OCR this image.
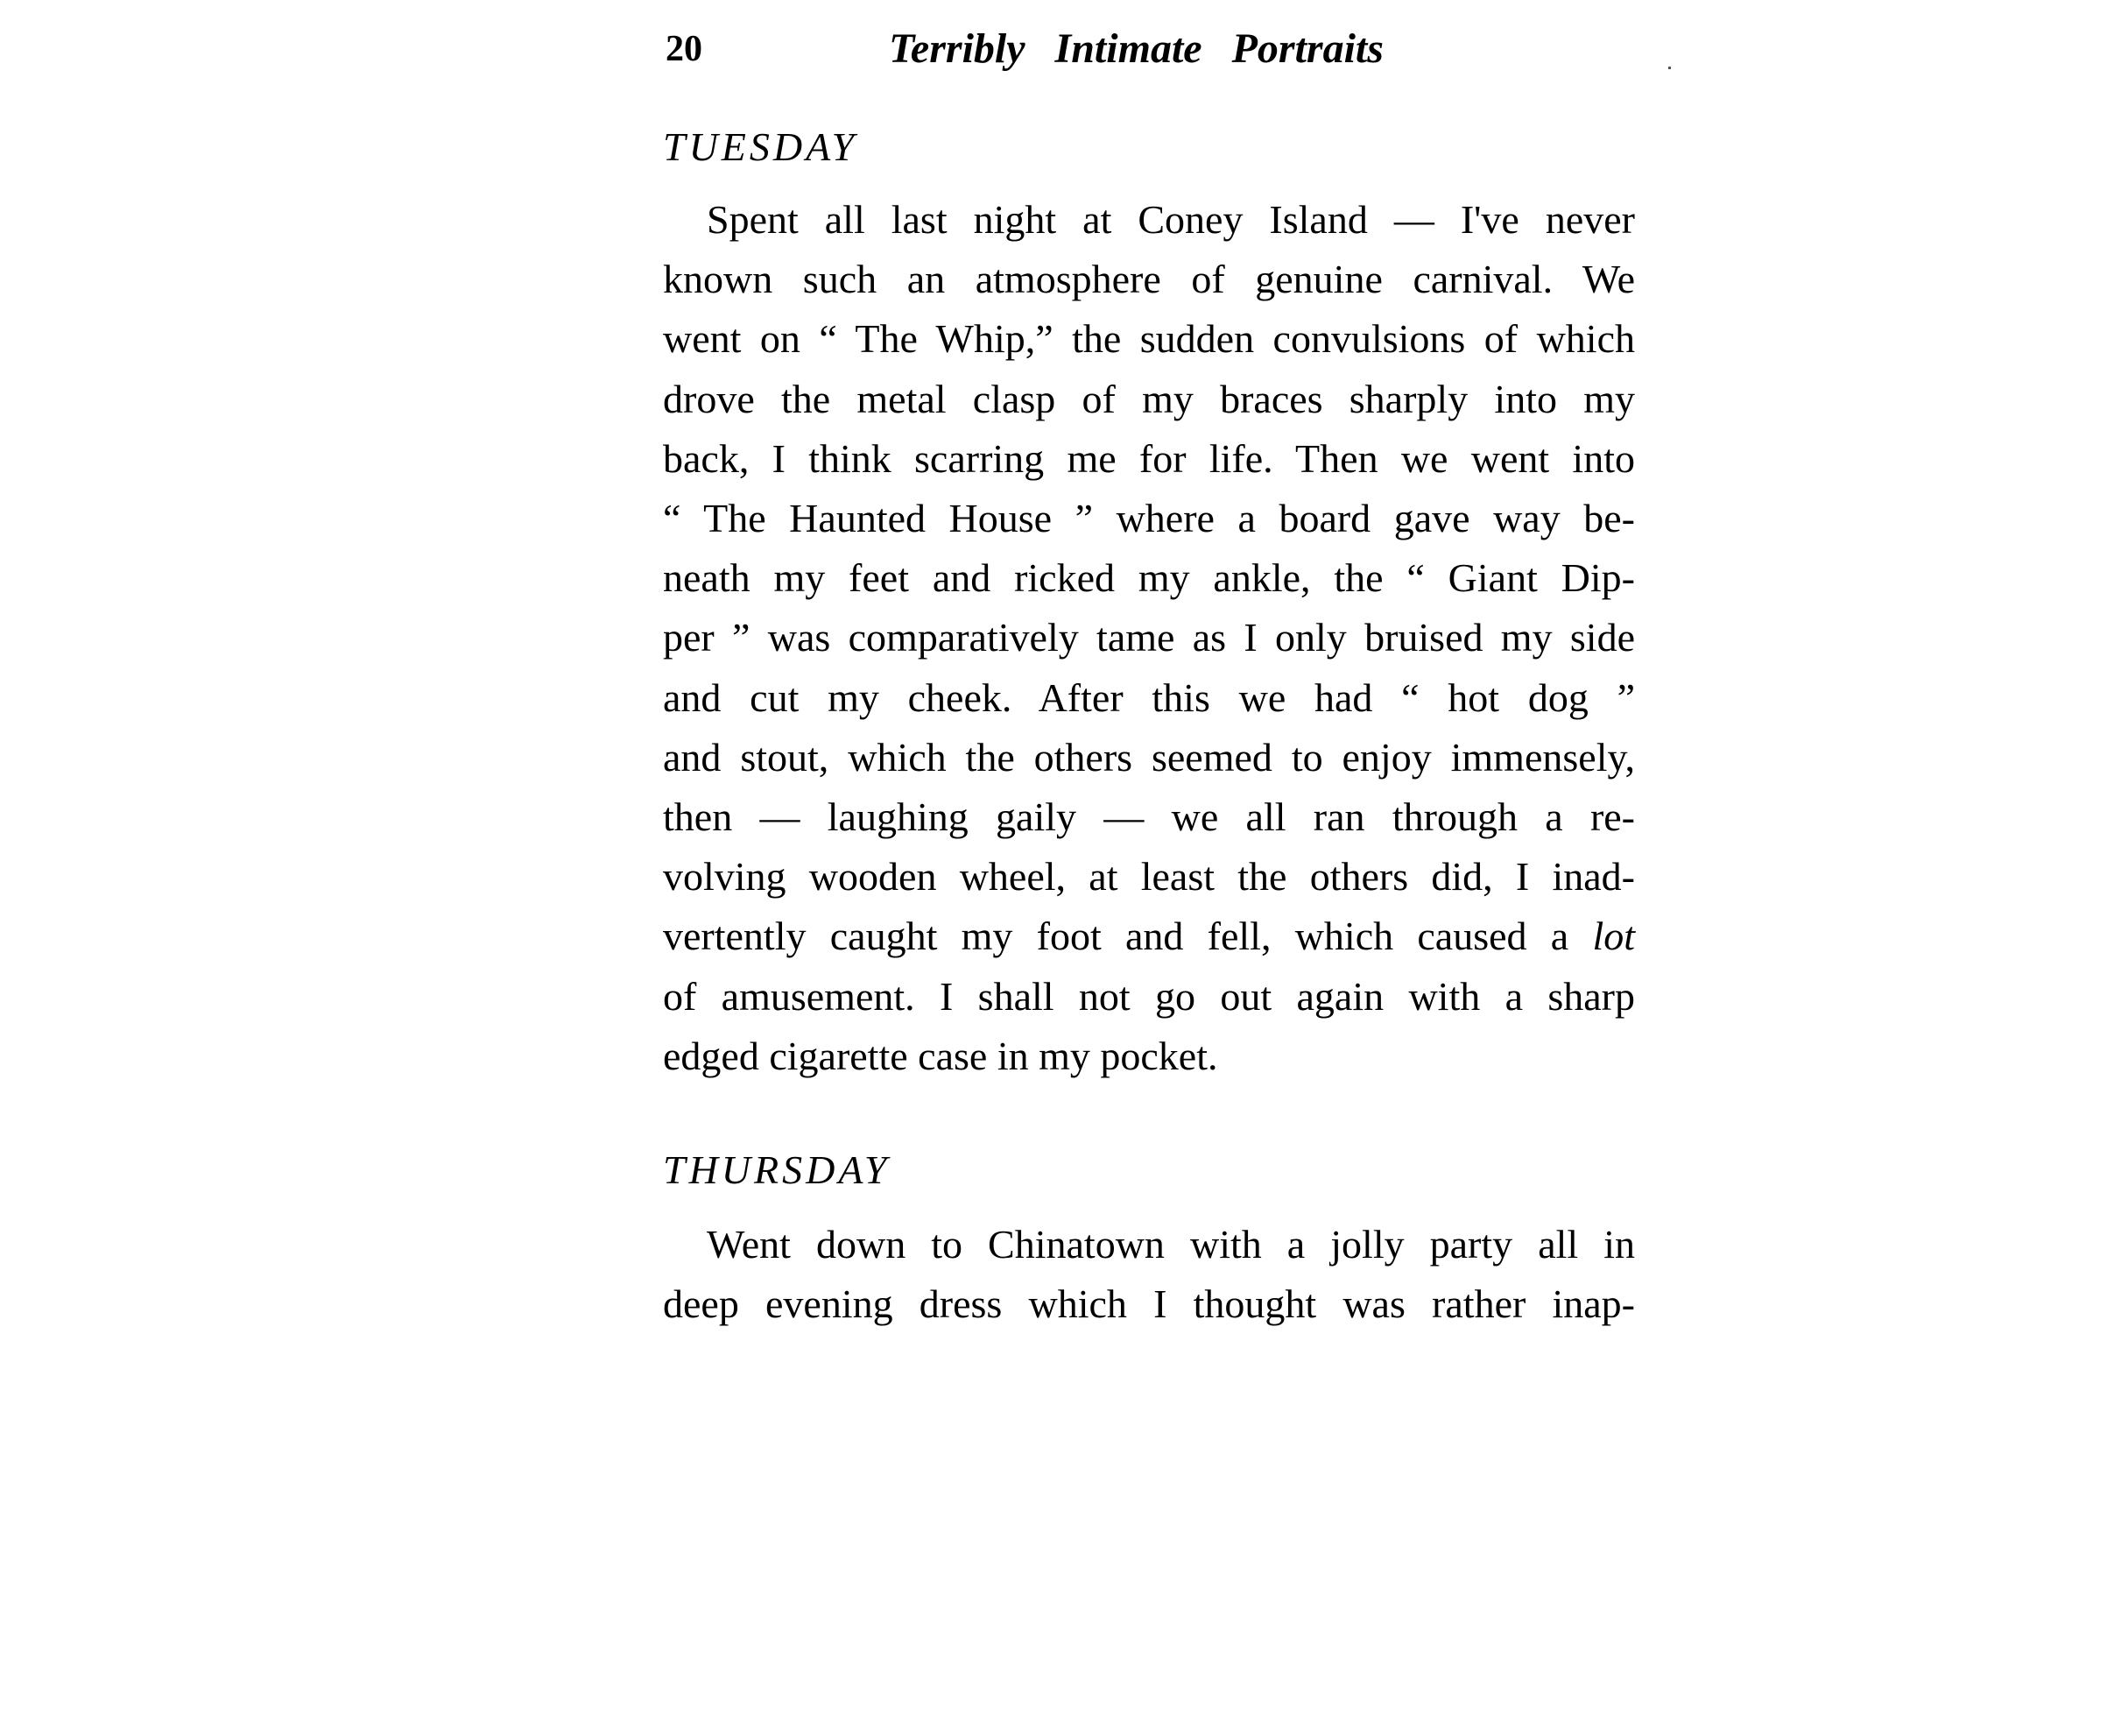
20	Terribly Intimate Portraits
TUESDAY
Spent all last night at Coney Island — I've never
known such an atmosphere of genuine carnival. We
went on “ The Whip,” the sudden convulsions of which
drove the metal clasp of my braces sharply into my
back, I think scarring me for life. Then we went into
“ The Haunted House ” where a board gave way be-
neath my feet and ricked my ankle, the “ Giant Dip-
per ” was comparatively tame as I only bruised my side
and cut my cheek. After this we had “ hot dog ”
and stout, which the others seemed to enjoy immensely,
then — laughing gaily — we all ran through a re-
volving wooden wheel, at least the others did, I inad-
vertently caught my foot and fell, which caused a lot
of amusement. I shall not go out again with a sharp
edged cigarette case in my pocket.
THURSDAY
Went down to Chinatown with a jolly party all in
deep evening dress which I thought was rather inap-
